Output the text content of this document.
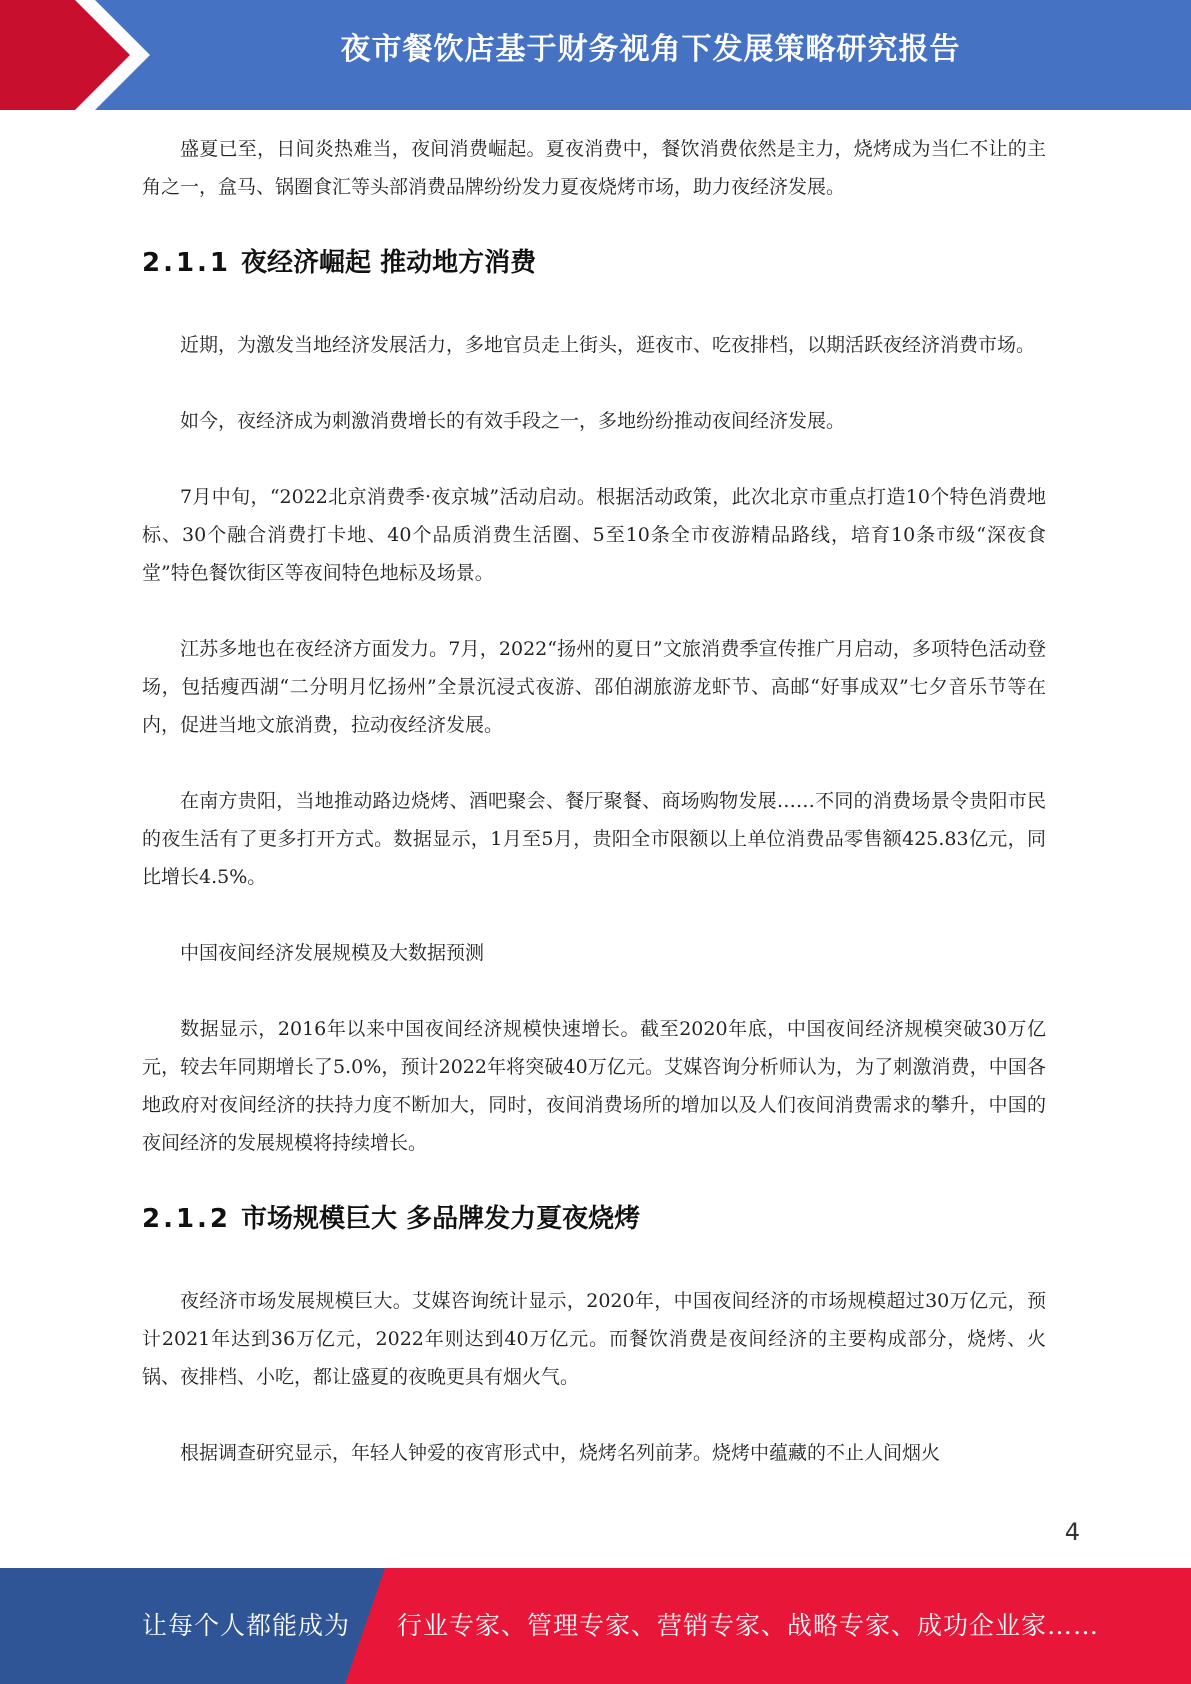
夜市餐饮店基于财务视角下发展策略研究报告

盛夏已至，日间炎热难当，夜间消费崛起。夏夜消费中，餐饮消费依然是主力，烧烤成为当仁不让的主角之一，盒马、锅圈食汇等头部消费品牌纷纷发力夏夜烧烤市场，助力夜经济发展。

2.1.1 夜经济崛起 推动地方消费

近期，为激发当地经济发展活力，多地官员走上街头，逛夜市、吃夜排档，以期活跃夜经济消费市场。

如今，夜经济成为刺激消费增长的有效手段之一，多地纷纷推动夜间经济发展。

7月中旬，“2022北京消费季·夜京城”活动启动。根据活动政策，此次北京市重点打造10个特色消费地标、30个融合消费打卡地、40个品质消费生活圈、5至10条全市夜游精品路线，培育10条市级“深夜食堂”特色餐饮街区等夜间特色地标及场景。

江苏多地也在夜经济方面发力。7月，2022“扬州的夏日”文旅消费季宣传推广月启动，多项特色活动登场，包括瘦西湖“二分明月忆扬州”全景沉浸式夜游、邵伯湖旅游龙虾节、高邮“好事成双”七夕音乐节等在内，促进当地文旅消费，拉动夜经济发展。

在南方贵阳，当地推动路边烧烤、酒吧聚会、餐厅聚餐、商场购物发展……不同的消费场景令贵阳市民的夜生活有了更多打开方式。数据显示，1月至5月，贵阳全市限额以上单位消费品零售额425.83亿元，同比增长4.5%。

中国夜间经济发展规模及大数据预测

数据显示，2016年以来中国夜间经济规模快速增长。截至2020年底，中国夜间经济规模突破30万亿元，较去年同期增长了5.0%，预计2022年将突破40万亿元。艾媒咨询分析师认为，为了刺激消费，中国各地政府对夜间经济的扶持力度不断加大，同时，夜间消费场所的增加以及人们夜间消费需求的攀升，中国的夜间经济的发展规模将持续增长。

2.1.2 市场规模巨大 多品牌发力夏夜烧烤

夜经济市场发展规模巨大。艾媒咨询统计显示，2020年，中国夜间经济的市场规模超过30万亿元，预计2021年达到36万亿元，2022年则达到40万亿元。而餐饮消费是夜间经济的主要构成部分，烧烤、火锅、夜排档、小吃，都让盛夏的夜晚更具有烟火气。

根据调查研究显示，年轻人钟爱的夜宵形式中，烧烤名列前茅。烧烤中蕴藏的不止人间烟火

4
让每个人都能成为 行业专家、管理专家、营销专家、战略专家、成功企业家……
